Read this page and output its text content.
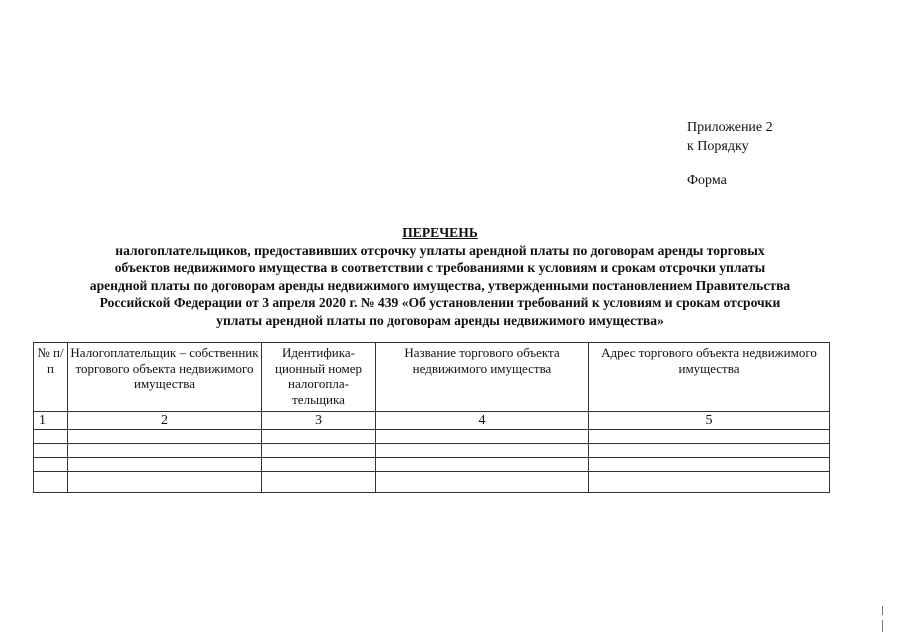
Приложение 2
к Порядку
Форма
ПЕРЕЧЕНЬ
налогоплательщиков, предоставивших отсрочку уплаты арендной платы по договорам аренды торговых
объектов недвижимого имущества в соответствии с требованиями к условиям и срокам отсрочки уплаты
арендной платы по договорам аренды недвижимого имущества, утвержденными постановлением Правительства
Российской Федерации от 3 апреля 2020 г. № 439 «Об установлении требований к условиям и срокам отсрочки
уплаты арендной платы по договорам аренды недвижимого имущества»
№ п/п	Налогоплательщик – собственник торгового объекта недвижимого имущества	Идентифика-ционный номер налогопла-тельщика	Название торгового объекта недвижимого имущества	Адрес торгового объекта недвижимого имущества
1	2	3	4	5
